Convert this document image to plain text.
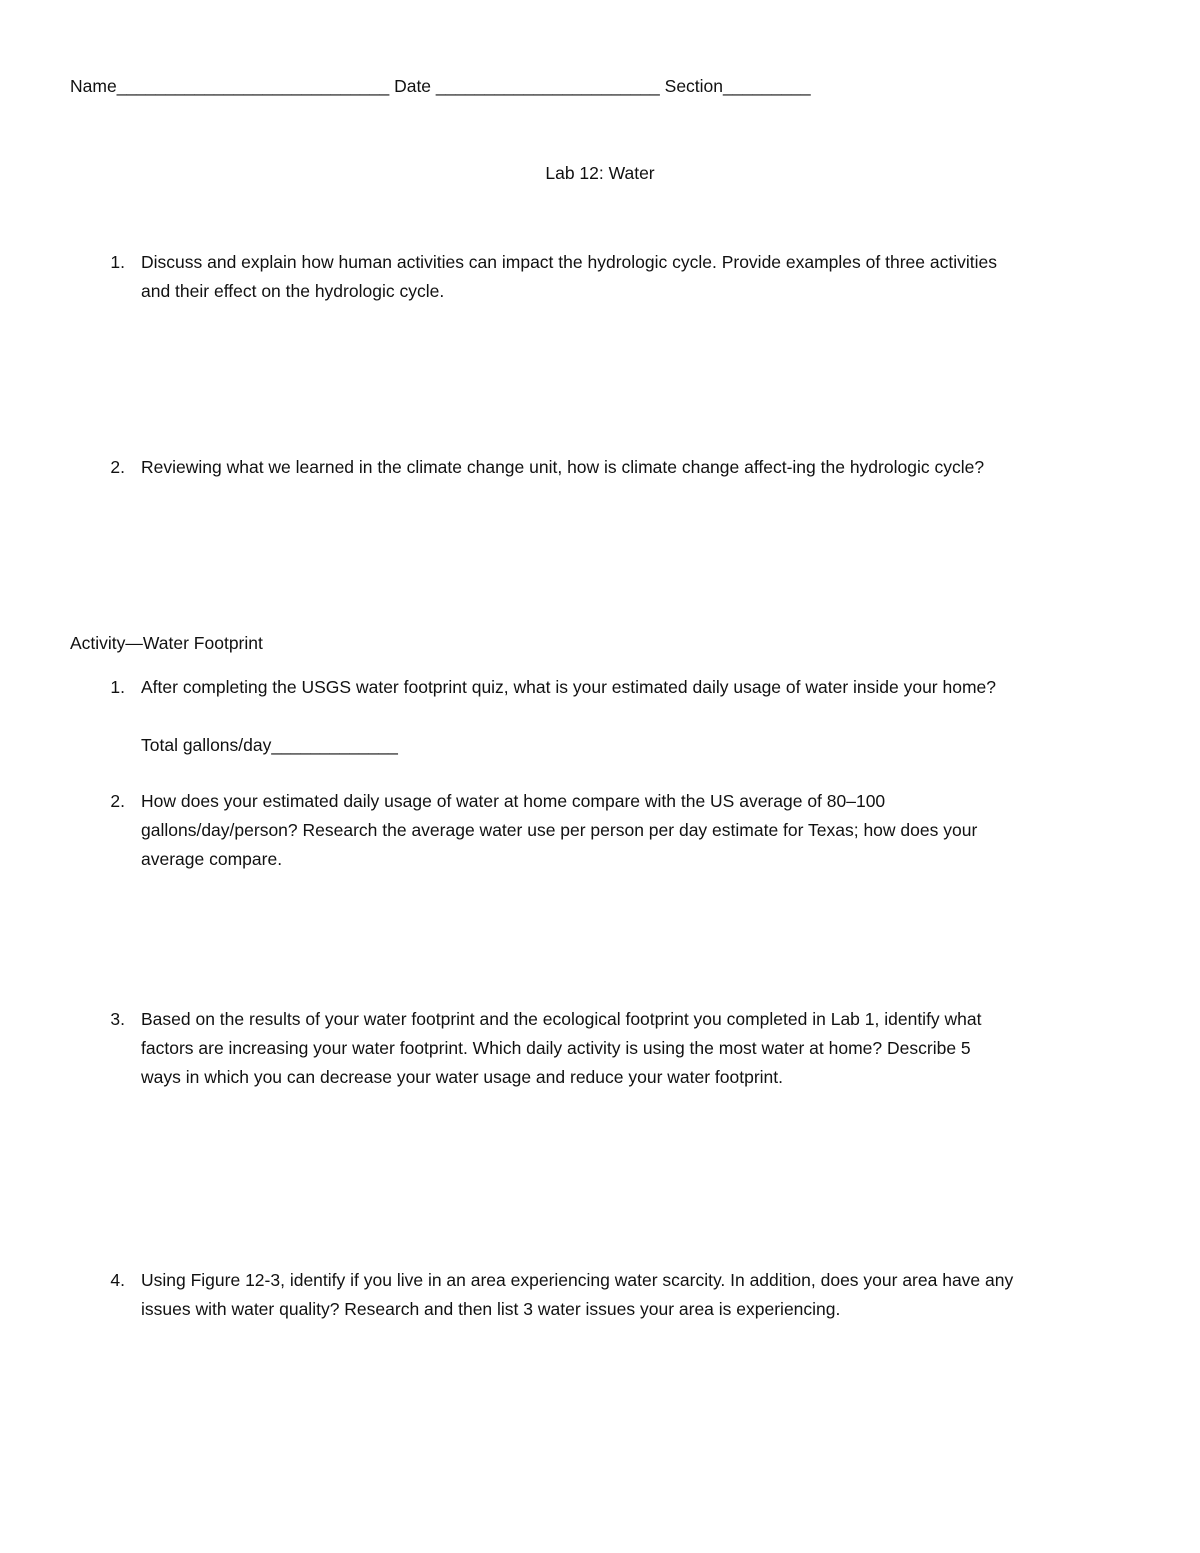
Name____________________________ Date _______________________ Section_________
Lab 12: Water
1. Discuss and explain how human activities can impact the hydrologic cycle. Provide examples of three activities
and their effect on the hydrologic cycle.
2. Reviewing what we learned in the climate change unit, how is climate change affect-ing the hydrologic cycle?
Activity—Water Footprint
1. After completing the USGS water footprint quiz, what is your estimated daily usage of water inside your home?
Total gallons/day_____________
2. How does your estimated daily usage of water at home compare with the US average of 80–100
gallons/day/person? Research the average water use per person per day estimate for Texas; how does your
average compare.
3. Based on the results of your water footprint and the ecological footprint you completed in Lab 1, identify what
factors are increasing your water footprint. Which daily activity is using the most water at home? Describe 5
ways in which you can decrease your water usage and reduce your water footprint.
4. Using Figure 12-3, identify if you live in an area experiencing water scarcity. In addition, does your area have any
issues with water quality? Research and then list 3 water issues your area is experiencing.
